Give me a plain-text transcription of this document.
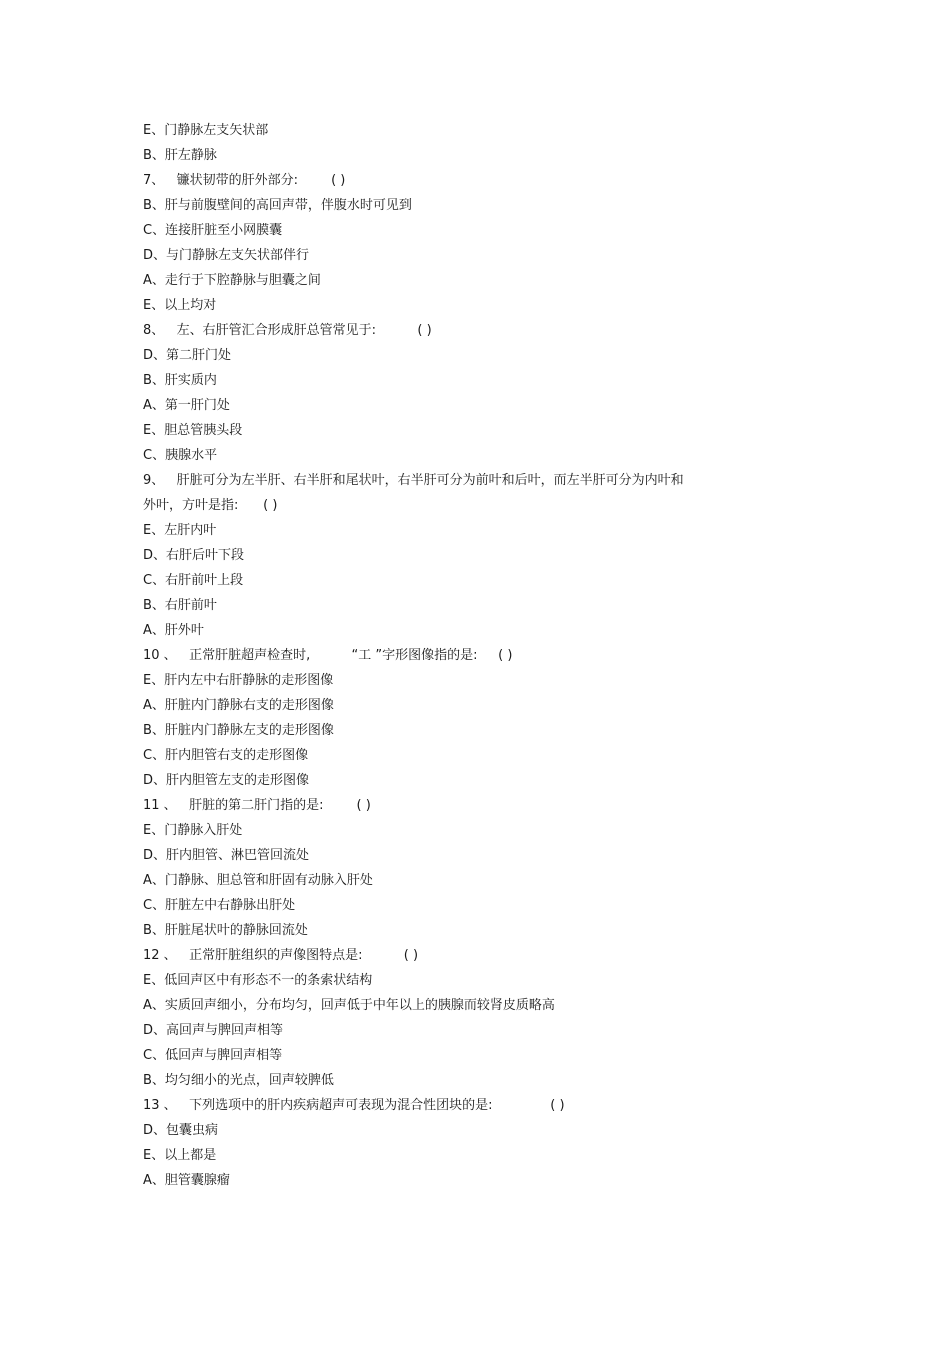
E、门静脉左支矢状部
B、肝左静脉
7、   镰状韧带的肝外部分:        ( )
B、肝与前腹壁间的高回声带，伴腹水时可见到
C、连接肝脏至小网膜囊
D、与门静脉左支矢状部伴行
A、走行于下腔静脉与胆囊之间
E、以上均对
8、   左、右肝管汇合形成肝总管常见于:          ( )
D、第二肝门处
B、肝实质内
A、第一肝门处
E、胆总管胰头段
C、胰腺水平
9、   肝脏可分为左半肝、右半肝和尾状叶，右半肝可分为前叶和后叶，而左半肝可分为内叶和
外叶，方叶是指:      ( )
E、左肝内叶
D、右肝后叶下段
C、右肝前叶上段
B、右肝前叶
A、肝外叶
10 、   正常肝脏超声检查时,          “工 ”字形图像指的是:     ( )
E、肝内左中右肝静脉的走形图像
A、肝脏内门静脉右支的走形图像
B、肝脏内门静脉左支的走形图像
C、肝内胆管右支的走形图像
D、肝内胆管左支的走形图像
11 、   肝脏的第二肝门指的是:        ( )
E、门静脉入肝处
D、肝内胆管、淋巴管回流处
A、门静脉、胆总管和肝固有动脉入肝处
C、肝脏左中右静脉出肝处
B、肝脏尾状叶的静脉回流处
12 、   正常肝脏组织的声像图特点是:          ( )
E、低回声区中有形态不一的条索状结构
A、实质回声细小，分布均匀，回声低于中年以上的胰腺而较肾皮质略高
D、高回声与脾回声相等
C、低回声与脾回声相等
B、均匀细小的光点，回声较脾低
13 、   下列选项中的肝内疾病超声可表现为混合性团块的是:              ( )
D、包囊虫病
E、以上都是
A、胆管囊腺瘤
